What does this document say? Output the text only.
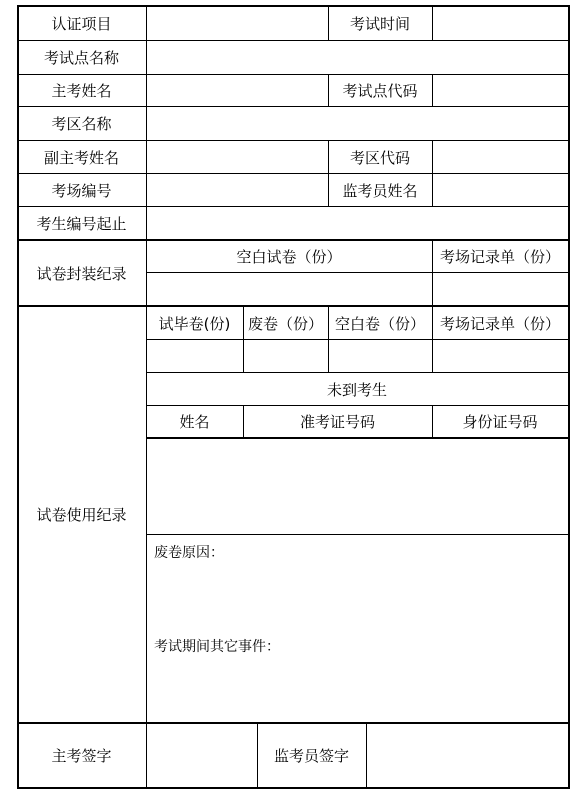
认证项目	考试时间
考试点名称
主考姓名	考试点代码
考区名称
副主考姓名	考区代码
考场编号	监考员姓名
考生编号起止
试卷封装纪录
空白试卷（份）	考场记录单（份）
试卷使用纪录
试毕卷(份)	废卷（份） 空白卷（份） 考场记录单（份）
未到考生
姓名	准考证号码	身份证号码
废卷原因：
考试期间其它事件：
主考签字	监考员签字
